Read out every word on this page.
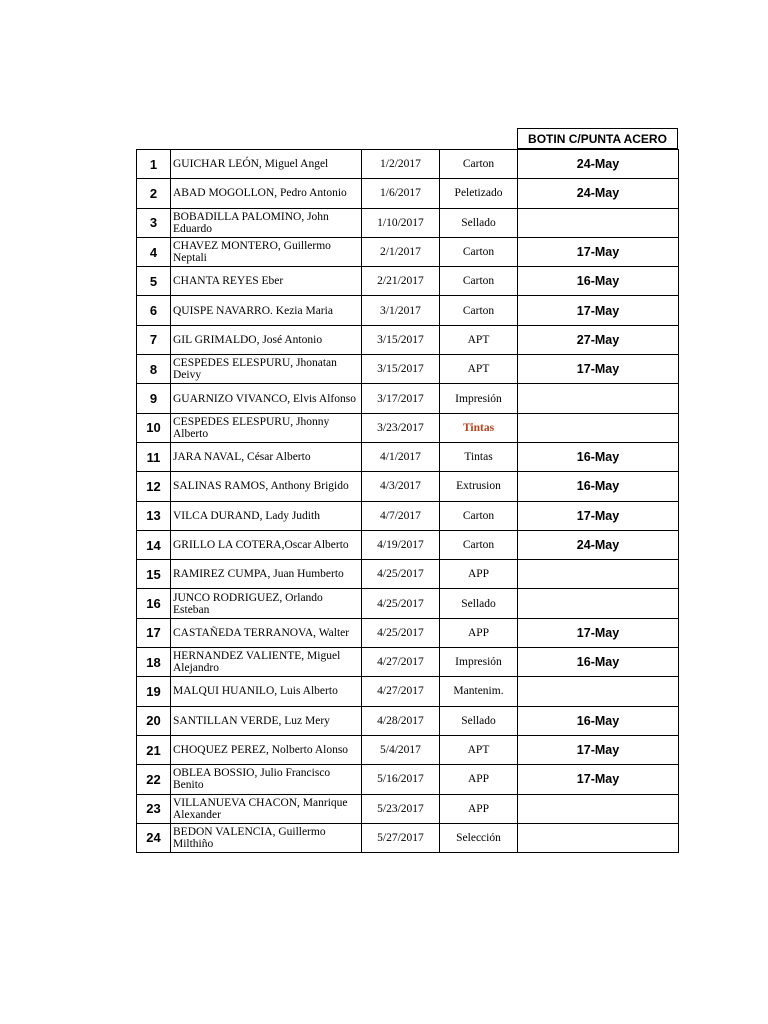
BOTIN C/PUNTA ACERO
1	GUICHAR LEÓN, Miguel Angel	1/2/2017	Carton	24-May
2	ABAD MOGOLLON, Pedro Antonio	1/6/2017	Peletizado	24-May
3	BOBADILLA PALOMINO, John Eduardo	1/10/2017	Sellado	
4	CHAVEZ MONTERO, Guillermo Neptali	2/1/2017	Carton	17-May
5	CHANTA REYES Eber	2/21/2017	Carton	16-May
6	QUISPE NAVARRO. Kezia Maria	3/1/2017	Carton	17-May
7	GIL GRIMALDO, José Antonio	3/15/2017	APT	27-May
8	CESPEDES ELESPURU, Jhonatan Deivy	3/15/2017	APT	17-May
9	GUARNIZO VIVANCO, Elvis Alfonso	3/17/2017	Impresión	
10	CESPEDES ELESPURU, Jhonny Alberto	3/23/2017	Tintas	
11	JARA NAVAL, César Alberto	4/1/2017	Tintas	16-May
12	SALINAS RAMOS, Anthony Brigido	4/3/2017	Extrusion	16-May
13	VILCA DURAND, Lady Judith	4/7/2017	Carton	17-May
14	GRILLO LA COTERA,Oscar Alberto	4/19/2017	Carton	24-May
15	RAMIREZ CUMPA, Juan Humberto	4/25/2017	APP	
16	JUNCO RODRIGUEZ, Orlando Esteban	4/25/2017	Sellado	
17	CASTAÑEDA TERRANOVA, Walter	4/25/2017	APP	17-May
18	HERNANDEZ VALIENTE, Miguel Alejandro	4/27/2017	Impresión	16-May
19	MALQUI HUANILO, Luis Alberto	4/27/2017	Mantenim.	
20	SANTILLAN VERDE, Luz Mery	4/28/2017	Sellado	16-May
21	CHOQUEZ PEREZ, Nolberto Alonso	5/4/2017	APT	17-May
22	OBLEA BOSSIO, Julio Francisco Benito	5/16/2017	APP	17-May
23	VILLANUEVA CHACON, Manrique Alexander	5/23/2017	APP	
24	BEDON VALENCIA, Guillermo Milthiño	5/27/2017	Selección	
